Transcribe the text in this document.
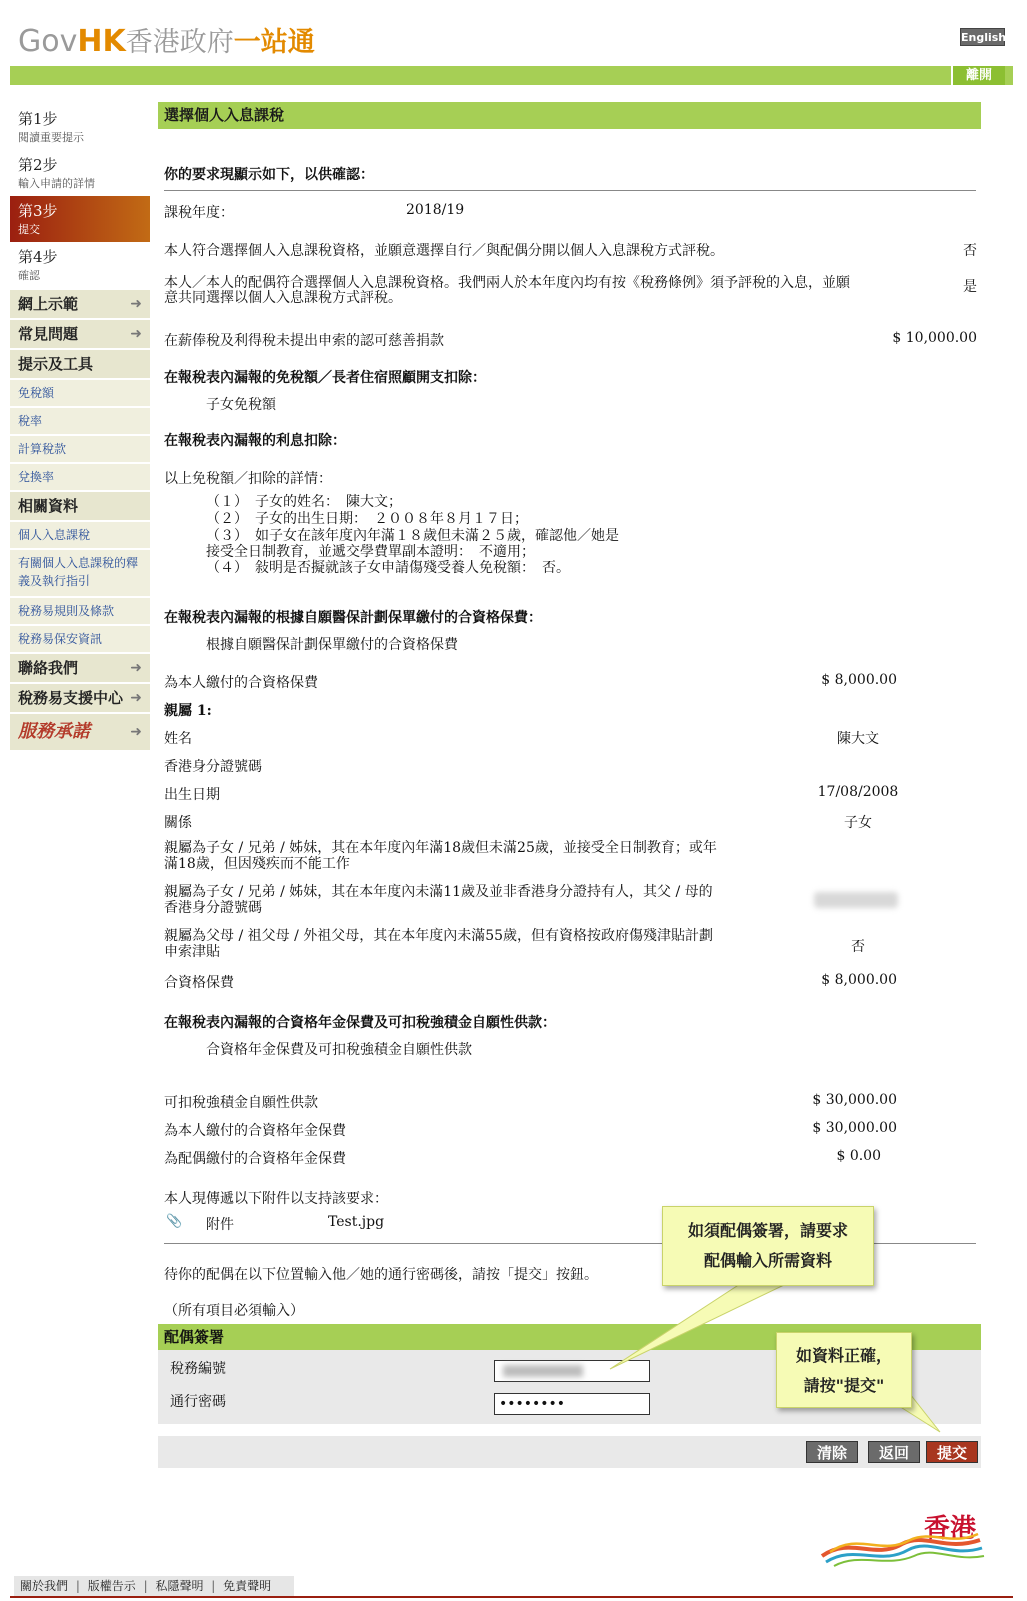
GovHK香港政府一站通	English
離開
第1步
閱讀重要提示
第2步
輸入申請的詳情
第3步
提交
第4步
確認
網上示範	➜
常見問題	➜
提示及工具
免稅額
稅率
計算稅款
兌換率
相關資料
個人入息課稅
有關個人入息課稅的釋義及執行指引
稅務易規則及條款
稅務易保安資訊
聯絡我們	➜
稅務易支援中心 ➜
服務承諾	➜
選擇個人入息課稅
你的要求現顯示如下，以供確認：
課稅年度：	2018/19
本人符合選擇個人入息課稅資格，並願意選擇自行／與配偶分開以個人入息課稅方式評稅。	否
本人／本人的配偶符合選擇個人入息課稅資格。我們兩人於本年度內均有按《稅務條例》須予評稅的入息，並願意共同選擇以個人入息課稅方式評稅。
是
在薪俸稅及利得稅未提出申索的認可慈善捐款	$ 10,000.00
在報稅表內漏報的免稅額／長者住宿照顧開支扣除：
子女免稅額
在報稅表內漏報的利息扣除：
以上免稅額／扣除的詳情：
（１）　子女的姓名：　陳大文；
（２）　子女的出生日期：　２００８年８月１７日；
（３）　如子女在該年度內年滿１８歲但未滿２５歲，確認他／她是
接受全日制教育，並遞交學費單副本證明：　不適用；
（４）　敍明是否擬就該子女申請傷殘受養人免稅額：　否。
在報稅表內漏報的根據自願醫保計劃保單繳付的合資格保費：
根據自願醫保計劃保單繳付的合資格保費
為本人繳付的合資格保費	$ 8,000.00
親屬 1:
姓名	陳大文
香港身分證號碼
出生日期	17/08/2008
關係	子女
親屬為子女 / 兄弟 / 姊妹，其在本年度內年滿18歲但未滿25歲，並接受全日制教育；或年滿18歲，但因殘疾而不能工作
親屬為子女 / 兄弟 / 姊妹，其在本年度內未滿11歲及並非香港身分證持有人，其父 / 母的香港身分證號碼
親屬為父母 / 祖父母 / 外祖父母，其在本年度內未滿55歲，但有資格按政府傷殘津貼計劃申索津貼	否
合資格保費	$ 8,000.00
在報稅表內漏報的合資格年金保費及可扣稅強積金自願性供款：
合資格年金保費及可扣稅強積金自願性供款
可扣稅強積金自願性供款	$ 30,000.00
為本人繳付的合資格年金保費	$ 30,000.00
為配偶繳付的合資格年金保費	$ 0.00
本人現傳遞以下附件以支持該要求：
📎 附件	Test.jpg
待你的配偶在以下位置輸入他／她的通行密碼後，請按「提交」按鈕。
（所有項目必須輸入）
配偶簽署
稅務編號
通行密碼	••••••••
清除	返回	提交
如須配偶簽署，請要求
配偶輸入所需資料
如資料正確，
請按"提交"
香港
關於我們 | 版權告示 | 私隱聲明 | 免責聲明
